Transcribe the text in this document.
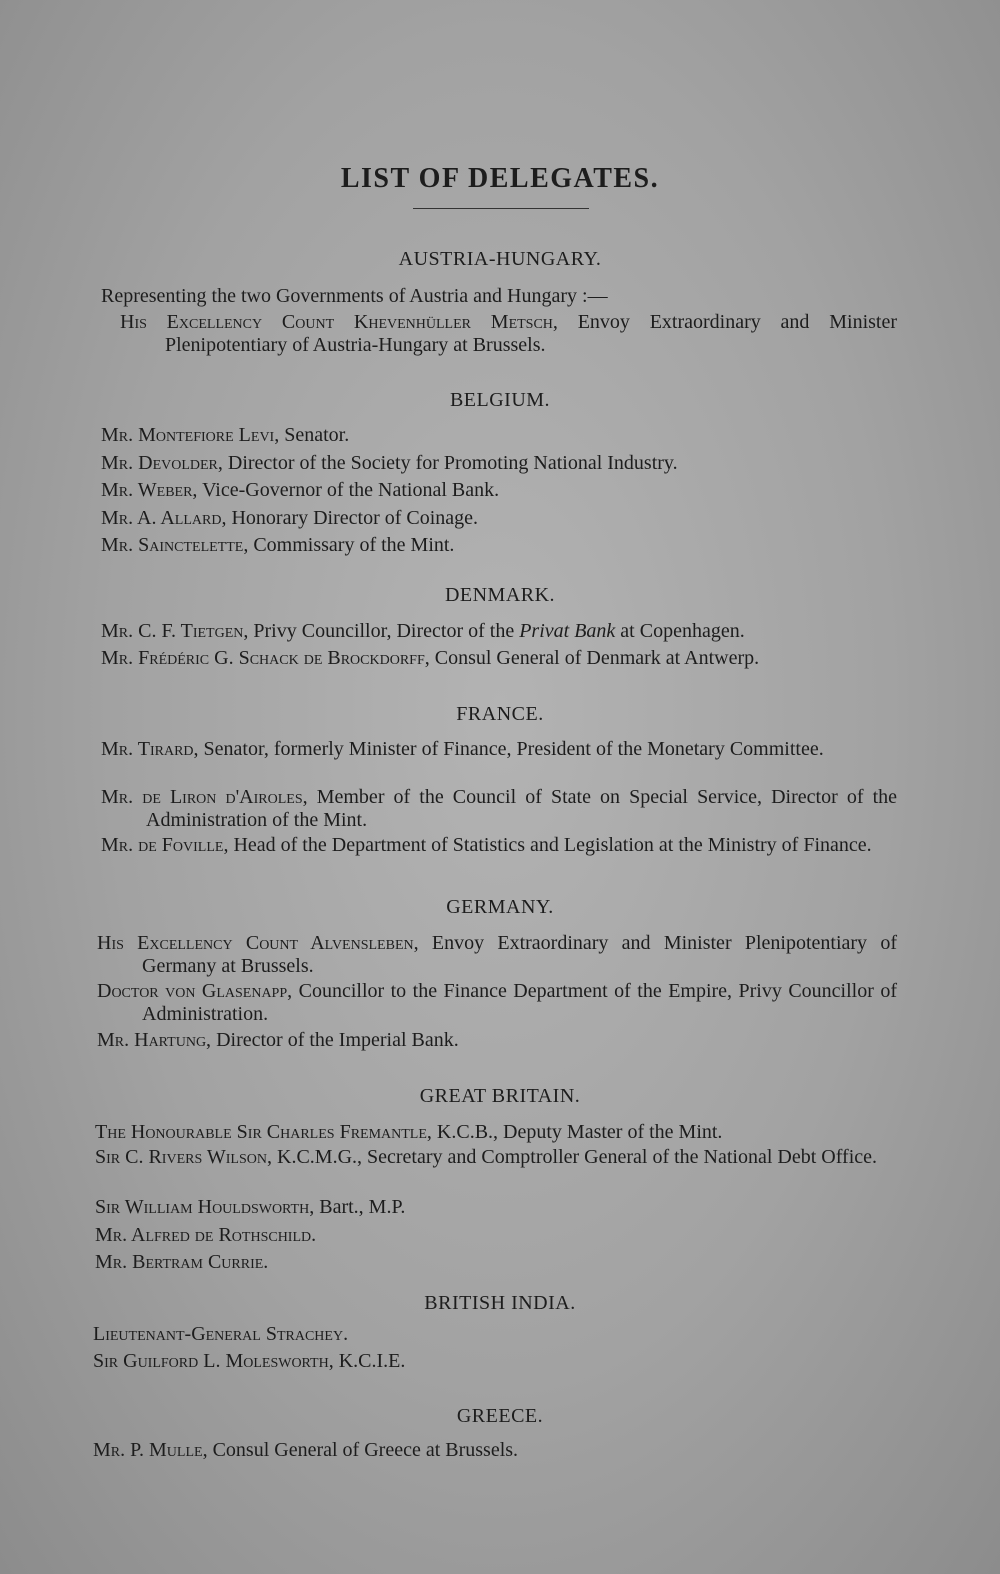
LIST OF DELEGATES.
AUSTRIA-HUNGARY.
Representing the two Governments of Austria and Hungary :—
His Excellency Count Khevenhüller Metsch, Envoy Extraordinary and Minister Plenipotentiary of Austria-Hungary at Brussels.
BELGIUM.
Mr. Montefiore Levi, Senator.
Mr. Devolder, Director of the Society for Promoting National Industry.
Mr. Weber, Vice-Governor of the National Bank.
Mr. A. Allard, Honorary Director of Coinage.
Mr. Sainctelette, Commissary of the Mint.
DENMARK.
Mr. C. F. Tietgen, Privy Councillor, Director of the Privat Bank at Copenhagen.
Mr. Frédéric G. Schack de Brockdorff, Consul General of Denmark at Antwerp.
FRANCE.
Mr. Tirard, Senator, formerly Minister of Finance, President of the Monetary Committee.
Mr. de Liron d'Airoles, Member of the Council of State on Special Service, Director of the Administration of the Mint.
Mr. de Foville, Head of the Department of Statistics and Legislation at the Ministry of Finance.
GERMANY.
His Excellency Count Alvensleben, Envoy Extraordinary and Minister Plenipotentiary of Germany at Brussels.
Doctor von Glasenapp, Councillor to the Finance Department of the Empire, Privy Councillor of Administration.
Mr. Hartung, Director of the Imperial Bank.
GREAT BRITAIN.
The Honourable Sir Charles Fremantle, K.C.B., Deputy Master of the Mint.
Sir C. Rivers Wilson, K.C.M.G., Secretary and Comptroller General of the National Debt Office.
Sir William Houldsworth, Bart., M.P.
Mr. Alfred de Rothschild.
Mr. Bertram Currie.
BRITISH INDIA.
Lieutenant-General Strachey.
Sir Guilford L. Molesworth, K.C.I.E.
GREECE.
Mr. P. Mulle, Consul General of Greece at Brussels.
